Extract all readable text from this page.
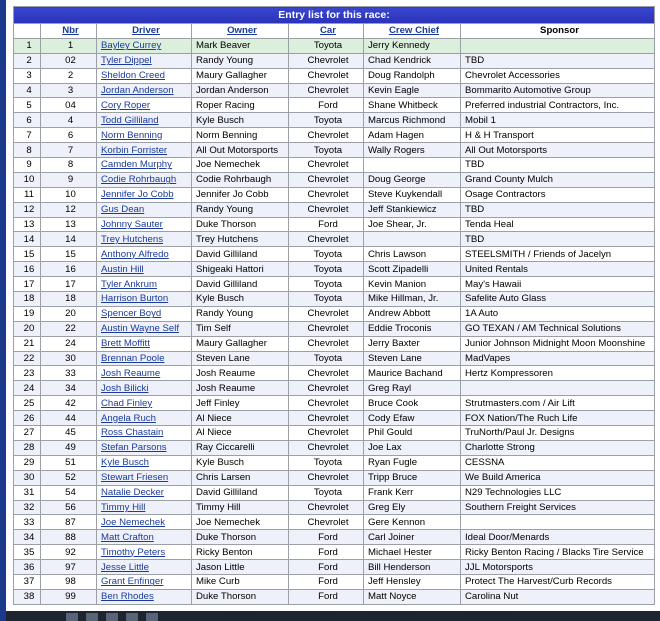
Entry list for this race:						
	Nbr	Driver	Owner	Car	Crew Chief	Sponsor
1	1	Bayley Currey	Mark Beaver	Toyota	Jerry Kennedy	
2	02	Tyler Dippel	Randy Young	Chevrolet	Chad Kendrick	TBD
3	2	Sheldon Creed	Maury Gallagher	Chevrolet	Doug Randolph	Chevrolet Accessories
4	3	Jordan Anderson	Jordan Anderson	Chevrolet	Kevin Eagle	Bommarito Automotive Group
5	04	Cory Roper	Roper Racing	Ford	Shane Whitbeck	Preferred industrial Contractors, Inc.
6	4	Todd Gilliland	Kyle Busch	Toyota	Marcus Richmond	Mobil 1
7	6	Norm Benning	Norm Benning	Chevrolet	Adam Hagen	H & H Transport
8	7	Korbin Forrister	All Out Motorsports	Toyota	Wally Rogers	All Out Motorsports
9	8	Camden Murphy	Joe Nemechek	Chevrolet		TBD
10	9	Codie Rohrbaugh	Codie Rohrbaugh	Chevrolet	Doug George	Grand County Mulch
11	10	Jennifer Jo Cobb	Jennifer Jo Cobb	Chevrolet	Steve Kuykendall	Osage Contractors
12	12	Gus Dean	Randy Young	Chevrolet	Jeff Stankiewicz	TBD
13	13	Johnny Sauter	Duke Thorson	Ford	Joe Shear, Jr.	Tenda Heal
14	14	Trey Hutchens	Trey Hutchens	Chevrolet		TBD
15	15	Anthony Alfredo	David Gilliland	Toyota	Chris Lawson	STEELSMITH / Friends of Jacelyn
16	16	Austin Hill	Shigeaki Hattori	Toyota	Scott Zipadelli	United Rentals
17	17	Tyler Ankrum	David Gilliland	Toyota	Kevin Manion	May's Hawaii
18	18	Harrison Burton	Kyle Busch	Toyota	Mike Hillman, Jr.	Safelite Auto Glass
19	20	Spencer Boyd	Randy Young	Chevrolet	Andrew Abbott	1A Auto
20	22	Austin Wayne Self	Tim Self	Chevrolet	Eddie Troconis	GO TEXAN / AM Technical Solutions
21	24	Brett Moffitt	Maury Gallagher	Chevrolet	Jerry Baxter	Junior Johnson Midnight Moon Moonshine
22	30	Brennan Poole	Steven Lane	Toyota	Steven Lane	MadVapes
23	33	Josh Reaume	Josh Reaume	Chevrolet	Maurice Bachand	Hertz Kompressoren
24	34	Josh Bilicki	Josh Reaume	Chevrolet	Greg Rayl	
25	42	Chad Finley	Jeff Finley	Chevrolet	Bruce Cook	Strutmasters.com / Air Lift
26	44	Angela Ruch	Al Niece	Chevrolet	Cody Efaw	FOX Nation/The Ruch Life
27	45	Ross Chastain	Al Niece	Chevrolet	Phil Gould	TruNorth/Paul Jr. Designs
28	49	Stefan Parsons	Ray Ciccarelli	Chevrolet	Joe Lax	Charlotte Strong
29	51	Kyle Busch	Kyle Busch	Toyota	Ryan Fugle	CESSNA
30	52	Stewart Friesen	Chris Larsen	Chevrolet	Tripp Bruce	We Build America
31	54	Natalie Decker	David Gilliland	Toyota	Frank Kerr	N29 Technologies LLC
32	56	Timmy Hill	Timmy Hill	Chevrolet	Greg Ely	Southern Freight Services
33	87	Joe Nemechek	Joe Nemechek	Chevrolet	Gere Kennon	
34	88	Matt Crafton	Duke Thorson	Ford	Carl Joiner	Ideal Door/Menards
35	92	Timothy Peters	Ricky Benton	Ford	Michael Hester	Ricky Benton Racing / Blacks Tire Service
36	97	Jesse Little	Jason Little	Ford	Bill Henderson	JJL Motorsports
37	98	Grant Enfinger	Mike Curb	Ford	Jeff Hensley	Protect The Harvest/Curb Records
38	99	Ben Rhodes	Duke Thorson	Ford	Matt Noyce	Carolina Nut
